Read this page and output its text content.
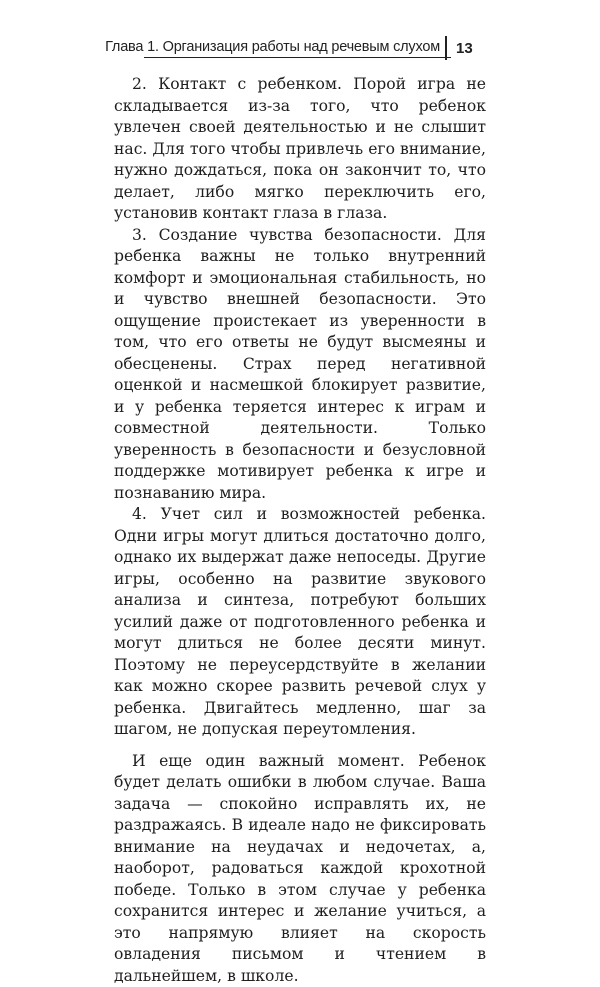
Глава 1. Организация работы над речевым слухом 13

2. Контакт с ребенком. Порой игра не складывается из-за того, что ребенок увлечен своей деятельностью и не слышит нас. Для того чтобы привлечь его внимание, нужно дождаться, пока он закончит то, что делает, либо мягко переключить его, установив контакт глаза в глаза.

3. Создание чувства безопасности. Для ребенка важны не только внутренний комфорт и эмоциональная стабильность, но и чувство внешней безопасности. Это ощущение проистекает из уверенности в том, что его ответы не будут высмеяны и обесценены. Страх перед негативной оценкой и насмешкой блокирует развитие, и у ребенка теряется интерес к играм и совместной деятельности. Только уверенность в безопасности и безусловной поддержке мотивирует ребенка к игре и познаванию мира.

4. Учет сил и возможностей ребенка. Одни игры могут длиться достаточно долго, однако их выдержат даже непоседы. Другие игры, особенно на развитие звукового анализа и синтеза, потребуют больших усилий даже от подготовленного ребенка и могут длиться не более десяти минут. Поэтому не переусердствуйте в желании как можно скорее развить речевой слух у ребенка. Двигайтесь медленно, шаг за шагом, не допуская переутомления.

И еще один важный момент. Ребенок будет делать ошибки в любом случае. Ваша задача — спокойно исправлять их, не раздражаясь. В идеале надо не фиксировать внимание на неудачах и недочетах, а, наоборот, радоваться каждой крохотной победе. Только в этом случае у ребенка сохранится интерес и желание учиться, а это напрямую влияет на скорость овладения письмом и чтением в дальнейшем, в школе.
